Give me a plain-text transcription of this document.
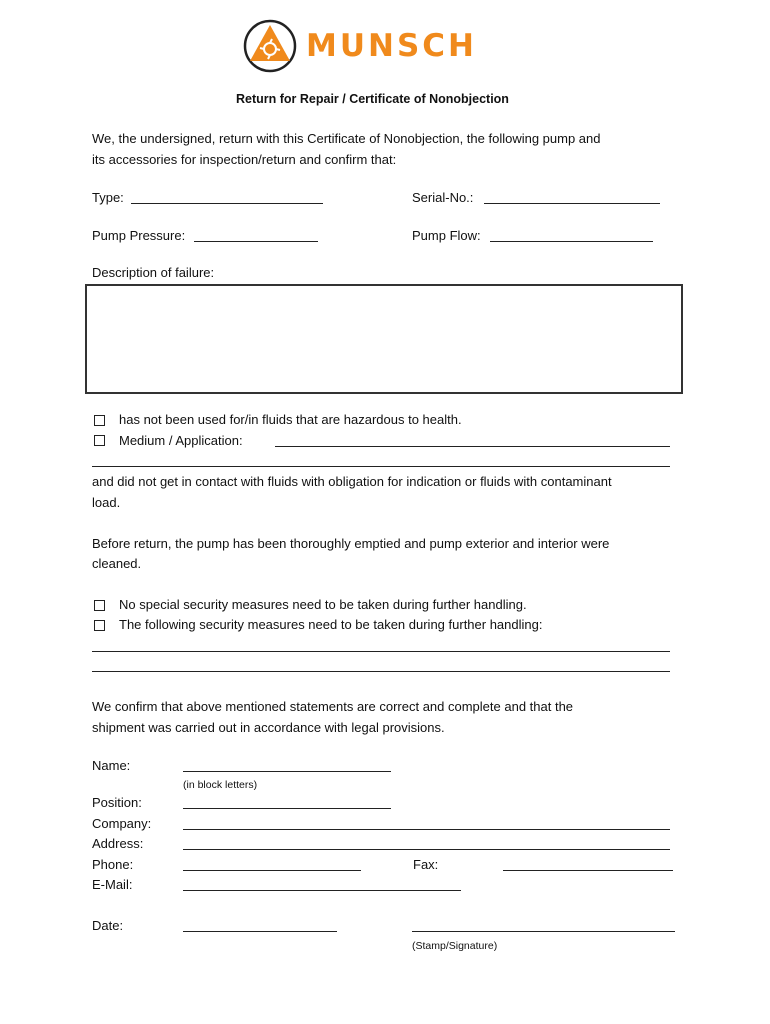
MUNSCH
Return for Repair / Certificate of Nonobjection
We, the undersigned, return with this Certificate of Nonobjection, the following pump and
its accessories for inspection/return and confirm that:
Type:	Serial-No.:
Pump Pressure:	Pump Flow:
Description of failure:
has not been used for/in fluids that are hazardous to health.
Medium / Application:
and did not get in contact with fluids with obligation for indication or fluids with contaminant
load.
Before return, the pump has been thoroughly emptied and pump exterior and interior were
cleaned.
No special security measures need to be taken during further handling.
The following security measures need to be taken during further handling:
We confirm that above mentioned statements are correct and complete and that the
shipment was carried out in accordance with legal provisions.
Name:
(in block letters)
Position:
Company:
Address:
Phone:	Fax:
E-Mail:
Date:
(Stamp/Signature)
